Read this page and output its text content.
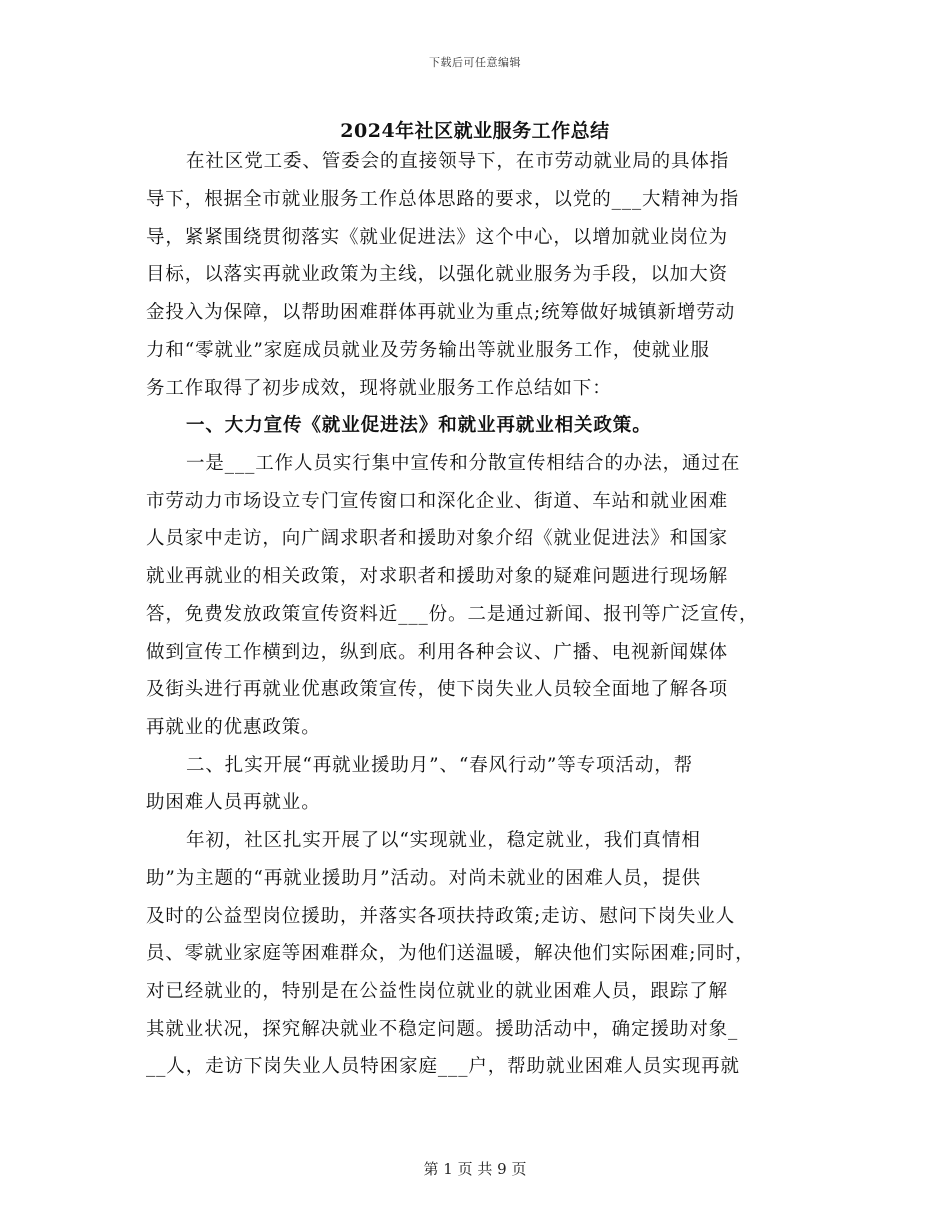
下载后可任意编辑
2024年社区就业服务工作总结
在社区党工委、管委会的直接领导下，在市劳动就业局的具体指
导下，根据全市就业服务工作总体思路的要求，以党的___大精神为指
导，紧紧围绕贯彻落实《就业促进法》这个中心，以增加就业岗位为
目标，以落实再就业政策为主线，以强化就业服务为手段，以加大资
金投入为保障，以帮助困难群体再就业为重点;统筹做好城镇新增劳动
力和“零就业”家庭成员就业及劳务输出等就业服务工作，使就业服
务工作取得了初步成效，现将就业服务工作总结如下：
一、大力宣传《就业促进法》和就业再就业相关政策。
一是___工作人员实行集中宣传和分散宣传相结合的办法，通过在
市劳动力市场设立专门宣传窗口和深化企业、街道、车站和就业困难
人员家中走访，向广阔求职者和援助对象介绍《就业促进法》和国家
就业再就业的相关政策，对求职者和援助对象的疑难问题进行现场解
答，免费发放政策宣传资料近___份。二是通过新闻、报刊等广泛宣传，
做到宣传工作横到边，纵到底。利用各种会议、广播、电视新闻媒体
及街头进行再就业优惠政策宣传，使下岗失业人员较全面地了解各项
再就业的优惠政策。
二、扎实开展“再就业援助月”、“春风行动”等专项活动，帮
助困难人员再就业。
年初，社区扎实开展了以“实现就业，稳定就业，我们真情相
助”为主题的“再就业援助月”活动。对尚未就业的困难人员，提供
及时的公益型岗位援助，并落实各项扶持政策;走访、慰问下岗失业人
员、零就业家庭等困难群众，为他们送温暖，解决他们实际困难;同时，
对已经就业的，特别是在公益性岗位就业的就业困难人员，跟踪了解
其就业状况，探究解决就业不稳定问题。援助活动中，确定援助对象_
__人，走访下岗失业人员特困家庭___户，帮助就业困难人员实现再就
第 1 页 共 9 页
